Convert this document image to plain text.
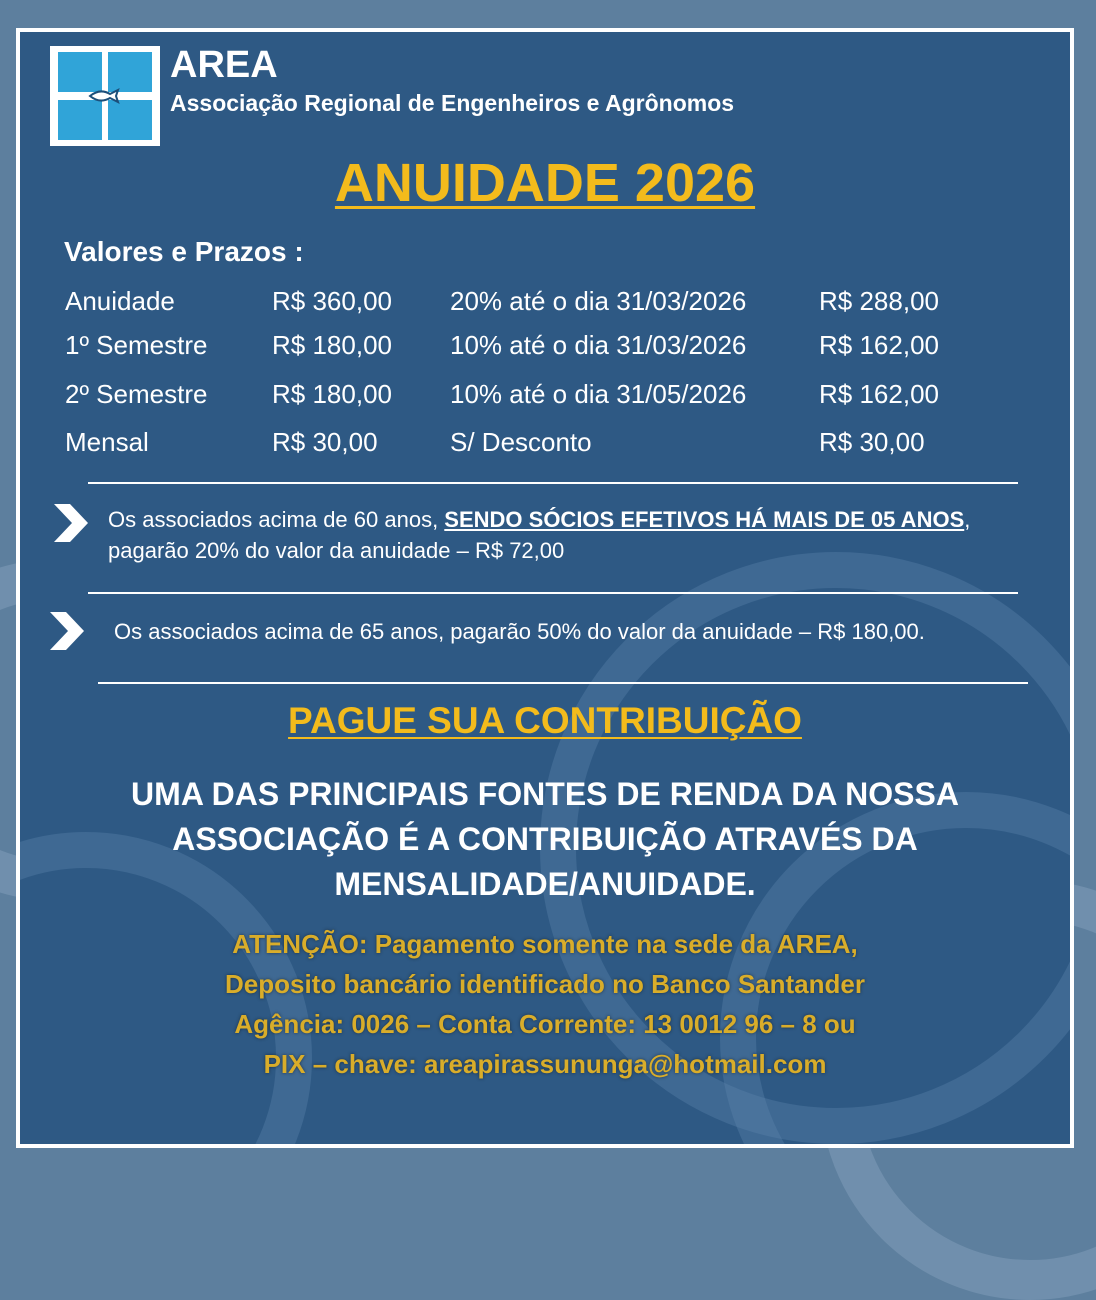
AREA

Associação Regional de Engenheiros e Agrônomos

ANUIDADE 2026

Valores e Prazos :

Anuidade	R$ 360,00 20% até o dia 31/03/2026	R$ 288,00
1º Semestre R$ 180,00 10% até o dia 31/03/2026	R$ 162,00
2º Semestre R$ 180,00 10% até o dia 31/05/2026	R$ 162,00
Mensal	R$ 30,00	S/ Desconto	R$ 30,00

Os associados acima de 60 anos, SENDO SÓCIOS EFETIVOS HÁ MAIS DE 05 ANOS, pagarão 20% do valor da anuidade – R$ 72,00

Os associados acima de 65 anos, pagarão 50% do valor da anuidade – R$ 180,00.

PAGUE SUA CONTRIBUIÇÃO
UMA DAS PRINCIPAIS FONTES DE RENDA DA NOSSA
ASSOCIAÇÃO É A CONTRIBUIÇÃO ATRAVÉS DA
MENSALIDADE/ANUIDADE.
ATENÇÃO: Pagamento somente na sede da AREA,
Deposito bancário identificado no Banco Santander
Agência: 0026 – Conta Corrente: 13 0012 96 – 8 ou
PIX – chave: areapirassununga@hotmail.com
